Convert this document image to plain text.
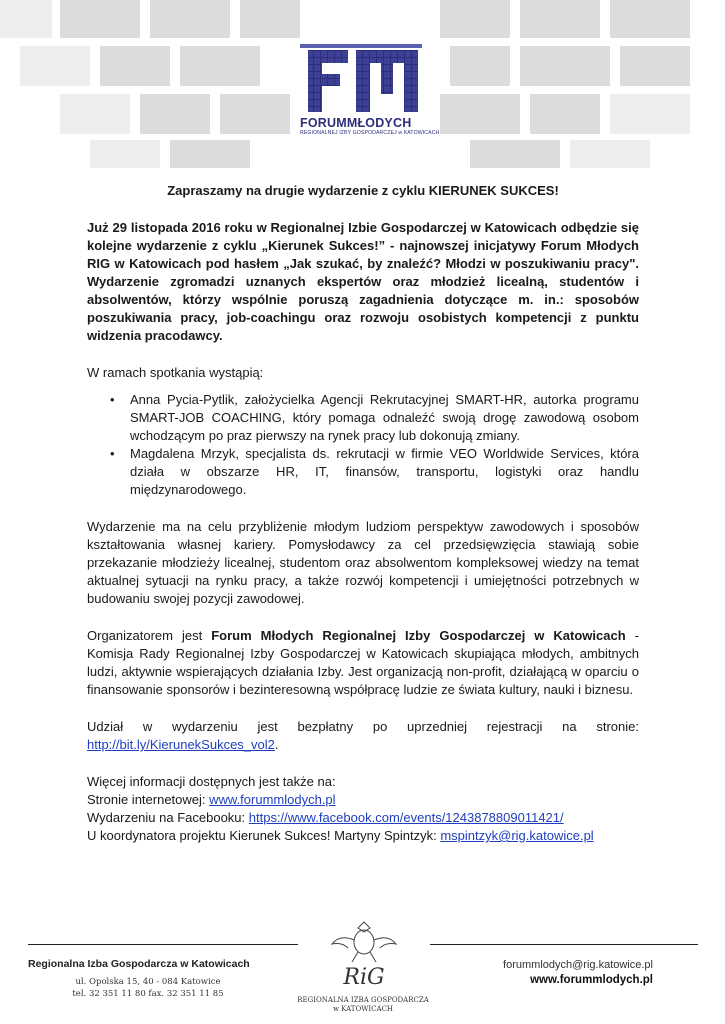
FORUMMŁODYCH
REGIONALNEJ IZBY GOSPODARCZEJ w KATOWICACH

Zapraszamy na drugie wydarzenie z cyklu KIERUNEK SUKCES!

Już 29 listopada 2016 roku w Regionalnej Izbie Gospodarczej w Katowicach odbędzie się kolejne wydarzenie z cyklu „Kierunek Sukces!” - najnowszej inicjatywy Forum Młodych RIG w Katowicach pod hasłem „Jak szukać, by znaleźć? Młodzi w poszukiwaniu pracy". Wydarzenie zgromadzi uznanych ekspertów oraz młodzież licealną, studentów i absolwentów, którzy wspólnie poruszą zagadnienia dotyczące m. in.: sposobów poszukiwania pracy, job-coachingu oraz rozwoju osobistych kompetencji z punktu widzenia pracodawcy.

W ramach spotkania wystąpią:

• Anna Pycia-Pytlik, założycielka Agencji Rekrutacyjnej SMART-HR, autorka programu SMART-JOB COACHING, który pomaga odnaleźć swoją drogę zawodową osobom wchodzącym po praz pierwszy na rynek pracy lub dokonują zmiany.
• Magdalena Mrzyk, specjalista ds. rekrutacji w firmie VEO Worldwide Services, która działa w obszarze HR, IT, finansów, transportu, logistyki oraz handlu międzynarodowego.

Wydarzenie ma na celu przybliżenie młodym ludziom perspektyw zawodowych i sposobów kształtowania własnej kariery. Pomysłodawcy za cel przedsięwzięcia stawiają sobie przekazanie młodzieży licealnej, studentom oraz absolwentom kompleksowej wiedzy na temat aktualnej sytuacji na rynku pracy, a także rozwój kompetencji i umiejętności potrzebnych w budowaniu swojej pozycji zawodowej.

Organizatorem jest Forum Młodych Regionalnej Izby Gospodarczej w Katowicach - Komisja Rady Regionalnej Izby Gospodarczej w Katowicach skupiająca młodych, ambitnych ludzi, aktywnie wspierających działania Izby. Jest organizacją non-profit, działającą w oparciu o finansowanie sponsorów i bezinteresowną współpracę ludzie ze świata kultury, nauki i biznesu.

Udział w wydarzeniu jest bezpłatny po uprzedniej rejestracji na stronie: http://bit.ly/KierunekSukces_vol2.

Więcej informacji dostępnych jest także na:

Stronie internetowej: www.forummlodych.pl

Wydarzeniu na Facebooku: https://www.facebook.com/events/1243878809011421/

U koordynatora projektu Kierunek Sukces! Martyny Spintzyk: mspintzyk@rig.katowice.pl

Regionalna Izba Gospodarcza w Katowicach
ul. Opolska 15, 40 - 084 Katowice
tel. 32 351 11 80 fax. 32 351 11 85
RiG
REGIONALNA IZBA GOSPODARCZA
w KATOWICACH
forummlodych@rig.katowice.pl
www.forummlodych.pl
